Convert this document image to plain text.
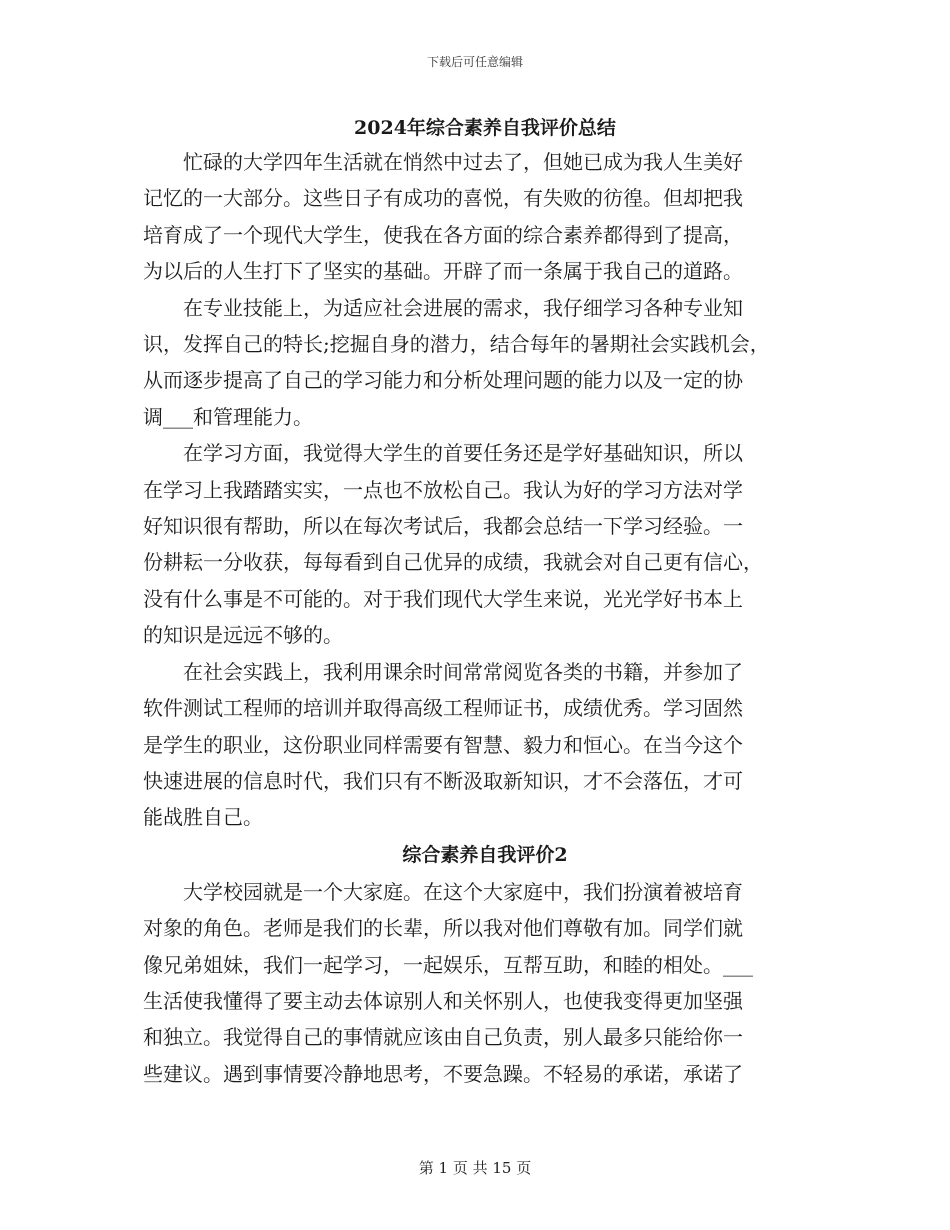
下载后可任意编辑
2024年综合素养自我评价总结
忙碌的大学四年生活就在悄然中过去了，但她已成为我人生美好
记忆的一大部分。这些日子有成功的喜悦，有失败的彷徨。但却把我
培育成了一个现代大学生，使我在各方面的综合素养都得到了提高，
为以后的人生打下了坚实的基础。开辟了而一条属于我自己的道路。
在专业技能上，为适应社会进展的需求，我仔细学习各种专业知
识，发挥自己的特长;挖掘自身的潜力，结合每年的暑期社会实践机会，
从而逐步提高了自己的学习能力和分析处理问题的能力以及一定的协
调___和管理能力。
在学习方面，我觉得大学生的首要任务还是学好基础知识，所以
在学习上我踏踏实实，一点也不放松自己。我认为好的学习方法对学
好知识很有帮助，所以在每次考试后，我都会总结一下学习经验。一
份耕耘一分收获，每每看到自己优异的成绩，我就会对自己更有信心，
没有什么事是不可能的。对于我们现代大学生来说，光光学好书本上
的知识是远远不够的。
在社会实践上，我利用课余时间常常阅览各类的书籍，并参加了
软件测试工程师的培训并取得高级工程师证书，成绩优秀。学习固然
是学生的职业，这份职业同样需要有智慧、毅力和恒心。在当今这个
快速进展的信息时代，我们只有不断汲取新知识，才不会落伍，才可
能战胜自己。
综合素养自我评价2
大学校园就是一个大家庭。在这个大家庭中，我们扮演着被培育
对象的角色。老师是我们的长辈，所以我对他们尊敬有加。同学们就
像兄弟姐妹，我们一起学习，一起娱乐，互帮互助，和睦的相处。___
生活使我懂得了要主动去体谅别人和关怀别人，也使我变得更加坚强
和独立。我觉得自己的事情就应该由自己负责，别人最多只能给你一
些建议。遇到事情要冷静地思考，不要急躁。不轻易的承诺，承诺了
第 1 页 共 15 页
